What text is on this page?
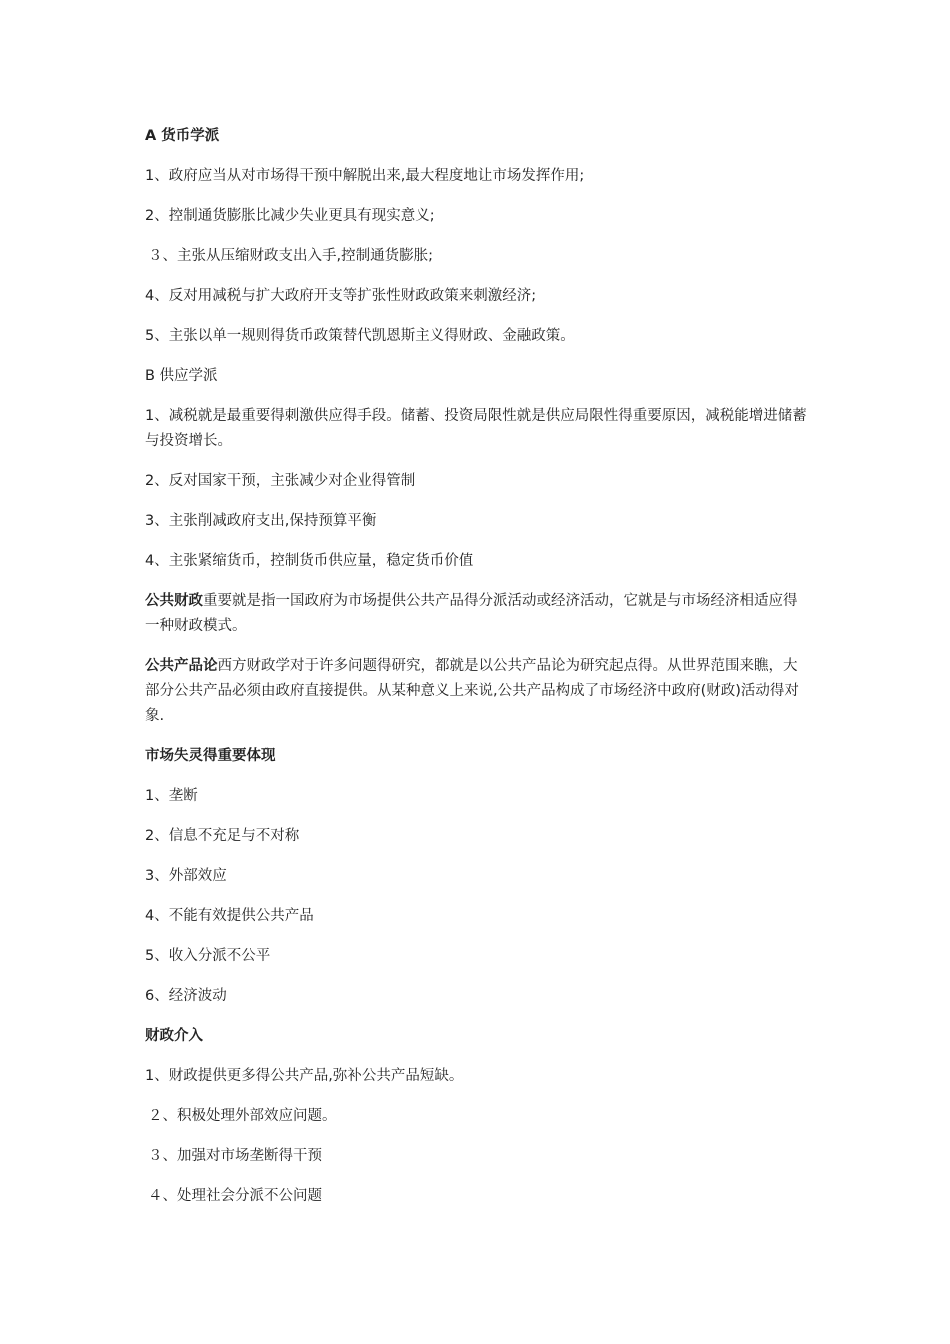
A 货币学派

1、政府应当从对市场得干预中解脱出来,最大程度地让市场发挥作用;

2、控制通货膨胀比减少失业更具有现实意义;

３、主张从压缩财政支出入手,控制通货膨胀;

4、反对用减税与扩大政府开支等扩张性财政政策来刺激经济;

5、主张以单一规则得货币政策替代凯恩斯主义得财政、金融政策。

B 供应学派

1、减税就是最重要得刺激供应得手段。储蓄、投资局限性就是供应局限性得重要原因，减税能增进储蓄与投资增长。

2、反对国家干预，主张减少对企业得管制

3、主张削减政府支出,保持预算平衡

4、主张紧缩货币，控制货币供应量，稳定货币价值

公共财政重要就是指一国政府为市场提供公共产品得分派活动或经济活动，它就是与市场经济相适应得一种财政模式。

公共产品论西方财政学对于许多问题得研究，都就是以公共产品论为研究起点得。从世界范围来瞧，大部分公共产品必须由政府直接提供。从某种意义上来说,公共产品构成了市场经济中政府(财政)活动得对象.

市场失灵得重要体现

1、垄断

2、信息不充足与不对称

3、外部效应

4、不能有效提供公共产品

5、收入分派不公平

6、经济波动

财政介入

1、财政提供更多得公共产品,弥补公共产品短缺。

２、积极处理外部效应问题。

３、加强对市场垄断得干预

４、处理社会分派不公问题
